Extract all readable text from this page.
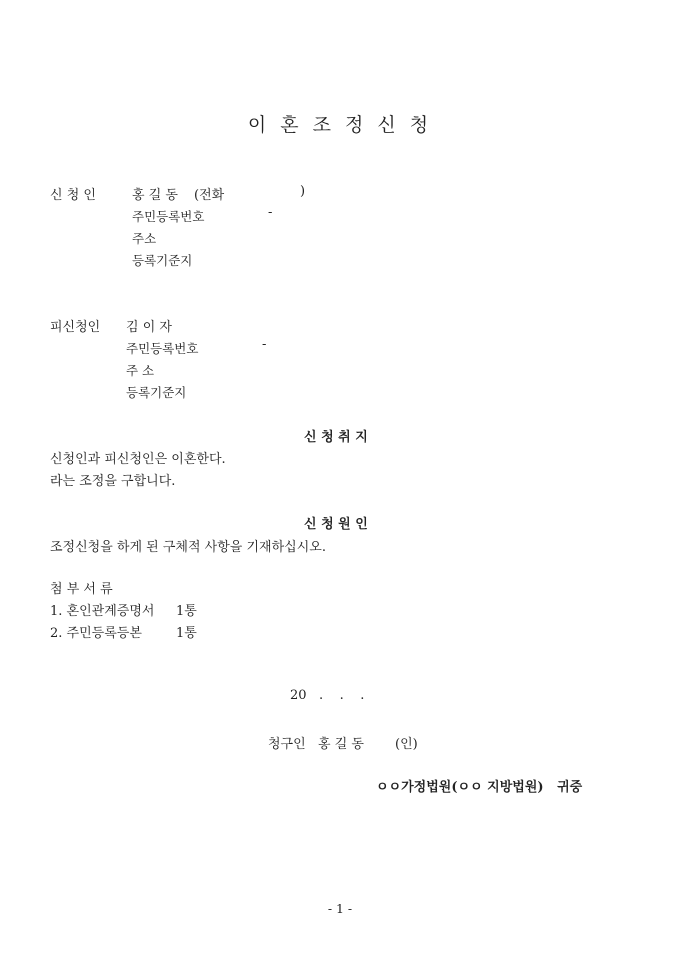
이 혼 조 정 신 청
신 청 인	홍 길 동 (전화	)
주민등록번호	-
주소
등록기준지
피신청인 김 이 자
주민등록번호	-
주 소
등록기준지
신 청 취 지
신청인과 피신청인은 이혼한다.
라는 조정을 구합니다.
신 청 원 인
조정신청을 하게 된 구체적 사항을 기재하십시오.
첨 부 서 류
1. 혼인관계증명서 1통
2. 주민등록등본	1통
20   .    .    .
청구인 홍 길 동 (인)
ㅇㅇ가정법원(ㅇㅇ 지방법원)   귀중
- 1 -
